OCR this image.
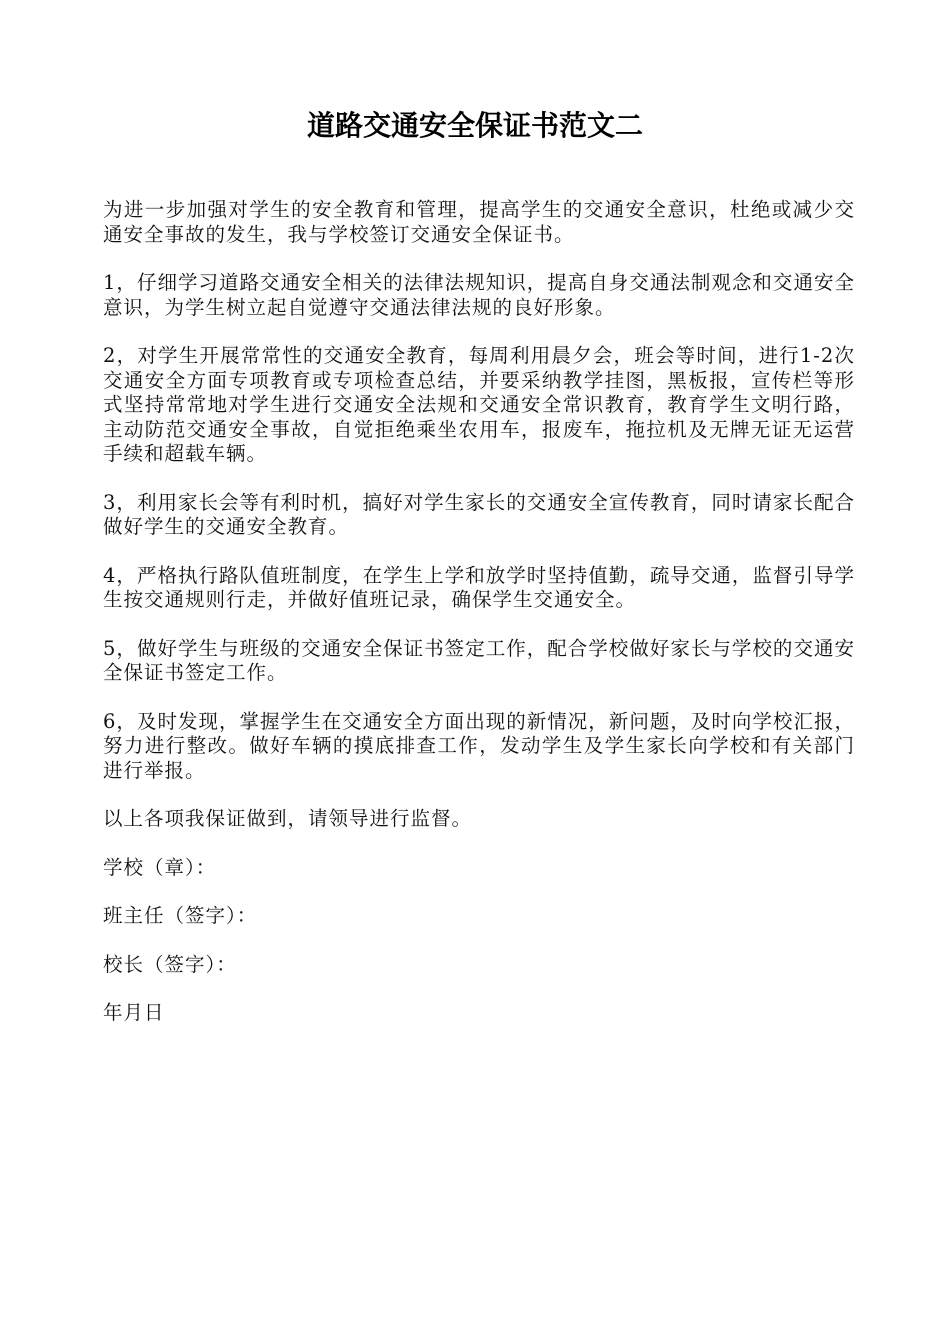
道路交通安全保证书范文二

为进一步加强对学生的安全教育和管理，提高学生的交通安全意识，杜绝或减少交通安全事故的发生，我与学校签订交通安全保证书。

1，仔细学习道路交通安全相关的法律法规知识，提高自身交通法制观念和交通安全意识，为学生树立起自觉遵守交通法律法规的良好形象。

2，对学生开展常常性的交通安全教育，每周利用晨夕会，班会等时间，进行1-2次交通安全方面专项教育或专项检查总结，并要采纳教学挂图，黑板报，宣传栏等形式坚持常常地对学生进行交通安全法规和交通安全常识教育，教育学生文明行路，主动防范交通安全事故，自觉拒绝乘坐农用车，报废车，拖拉机及无牌无证无运营手续和超载车辆。

3，利用家长会等有利时机，搞好对学生家长的交通安全宣传教育，同时请家长配合做好学生的交通安全教育。

4，严格执行路队值班制度，在学生上学和放学时坚持值勤，疏导交通，监督引导学生按交通规则行走，并做好值班记录，确保学生交通安全。

5，做好学生与班级的交通安全保证书签定工作，配合学校做好家长与学校的交通安全保证书签定工作。

6，及时发现，掌握学生在交通安全方面出现的新情况，新问题，及时向学校汇报，努力进行整改。做好车辆的摸底排查工作，发动学生及学生家长向学校和有关部门进行举报。

以上各项我保证做到，请领导进行监督。

学校（章）：

班主任（签字）：

校长（签字）：

年月日
